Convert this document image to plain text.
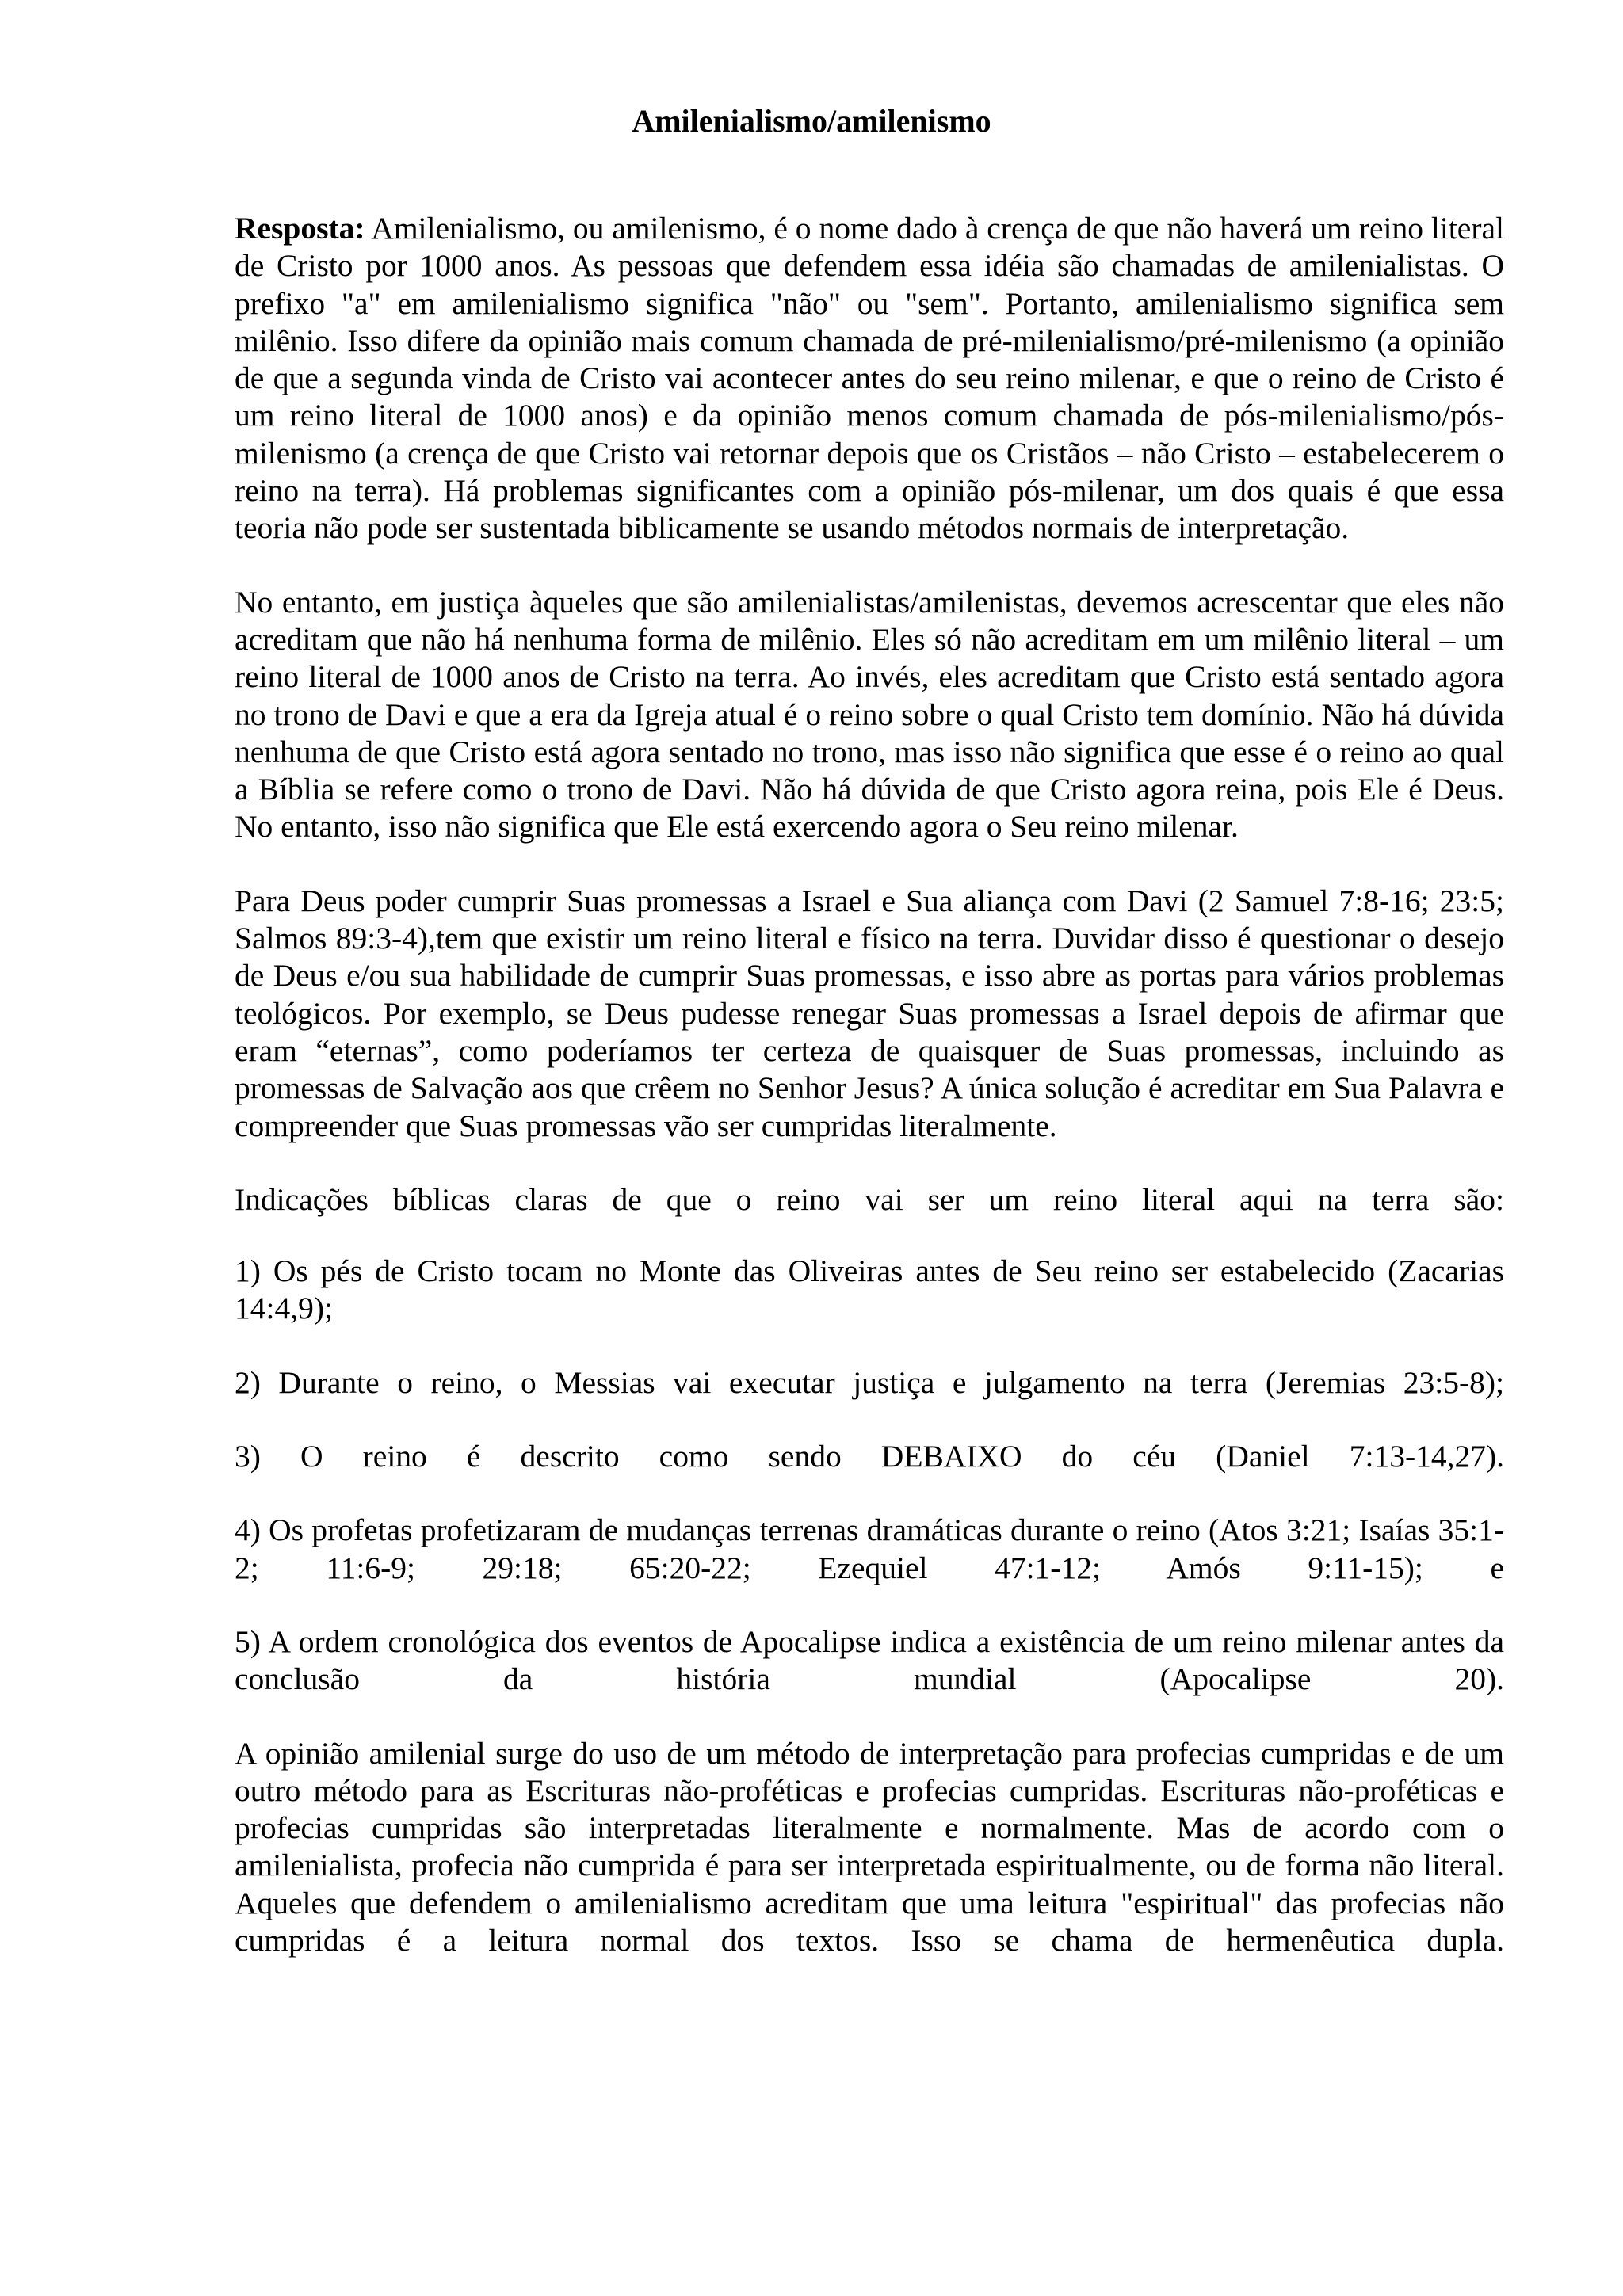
Amilenialismo/amilenismo

Resposta: Amilenialismo, ou amilenismo, é o nome dado à crença de que não haverá um reino literal de Cristo por 1000 anos. As pessoas que defendem essa idéia são chamadas de amilenialistas. O prefixo "a" em amilenialismo significa "não" ou "sem". Portanto, amilenialismo significa sem milênio. Isso difere da opinião mais comum chamada de pré-milenialismo/pré-milenismo (a opinião de que a segunda vinda de Cristo vai acontecer antes do seu reino milenar, e que o reino de Cristo é um reino literal de 1000 anos) e da opinião menos comum chamada de pós-milenialismo/pós-milenismo (a crença de que Cristo vai retornar depois que os Cristãos – não Cristo – estabelecerem o reino na terra). Há problemas significantes com a opinião pós-milenar, um dos quais é que essa teoria não pode ser sustentada biblicamente se usando métodos normais de interpretação.

No entanto, em justiça àqueles que são amilenialistas/amilenistas, devemos acrescentar que eles não acreditam que não há nenhuma forma de milênio. Eles só não acreditam em um milênio literal – um reino literal de 1000 anos de Cristo na terra. Ao invés, eles acreditam que Cristo está sentado agora no trono de Davi e que a era da Igreja atual é o reino sobre o qual Cristo tem domínio. Não há dúvida nenhuma de que Cristo está agora sentado no trono, mas isso não significa que esse é o reino ao qual a Bíblia se refere como o trono de Davi. Não há dúvida de que Cristo agora reina, pois Ele é Deus. No entanto, isso não significa que Ele está exercendo agora o Seu reino milenar.

Para Deus poder cumprir Suas promessas a Israel e Sua aliança com Davi (2 Samuel 7:8-16; 23:5; Salmos 89:3-4),tem que existir um reino literal e físico na terra. Duvidar disso é questionar o desejo de Deus e/ou sua habilidade de cumprir Suas promessas, e isso abre as portas para vários problemas teológicos. Por exemplo, se Deus pudesse renegar Suas promessas a Israel depois de afirmar que eram “eternas”, como poderíamos ter certeza de quaisquer de Suas promessas, incluindo as promessas de Salvação aos que crêem no Senhor Jesus? A única solução é acreditar em Sua Palavra e compreender que Suas promessas vão ser cumpridas literalmente.

Indicações bíblicas claras de que o reino vai ser um reino literal aqui na terra são:

1) Os pés de Cristo tocam no Monte das Oliveiras antes de Seu reino ser estabelecido (Zacarias 14:4,9);

2) Durante o reino, o Messias vai executar justiça e julgamento na terra (Jeremias 23:5-8);

3) O reino é descrito como sendo DEBAIXO do céu (Daniel 7:13-14,27).

4) Os profetas profetizaram de mudanças terrenas dramáticas durante o reino (Atos 3:21; Isaías 35:1-2; 11:6-9; 29:18; 65:20-22; Ezequiel 47:1-12; Amós 9:11-15); e

5) A ordem cronológica dos eventos de Apocalipse indica a existência de um reino milenar antes da conclusão da história mundial (Apocalipse 20).

A opinião amilenial surge do uso de um método de interpretação para profecias cumpridas e de um outro método para as Escrituras não-proféticas e profecias cumpridas. Escrituras não-proféticas e profecias cumpridas são interpretadas literalmente e normalmente. Mas de acordo com o amilenialista, profecia não cumprida é para ser interpretada espiritualmente, ou de forma não literal. Aqueles que defendem o amilenialismo acreditam que uma leitura "espiritual" das profecias não cumpridas é a leitura normal dos textos. Isso se chama de hermenêutica dupla.
